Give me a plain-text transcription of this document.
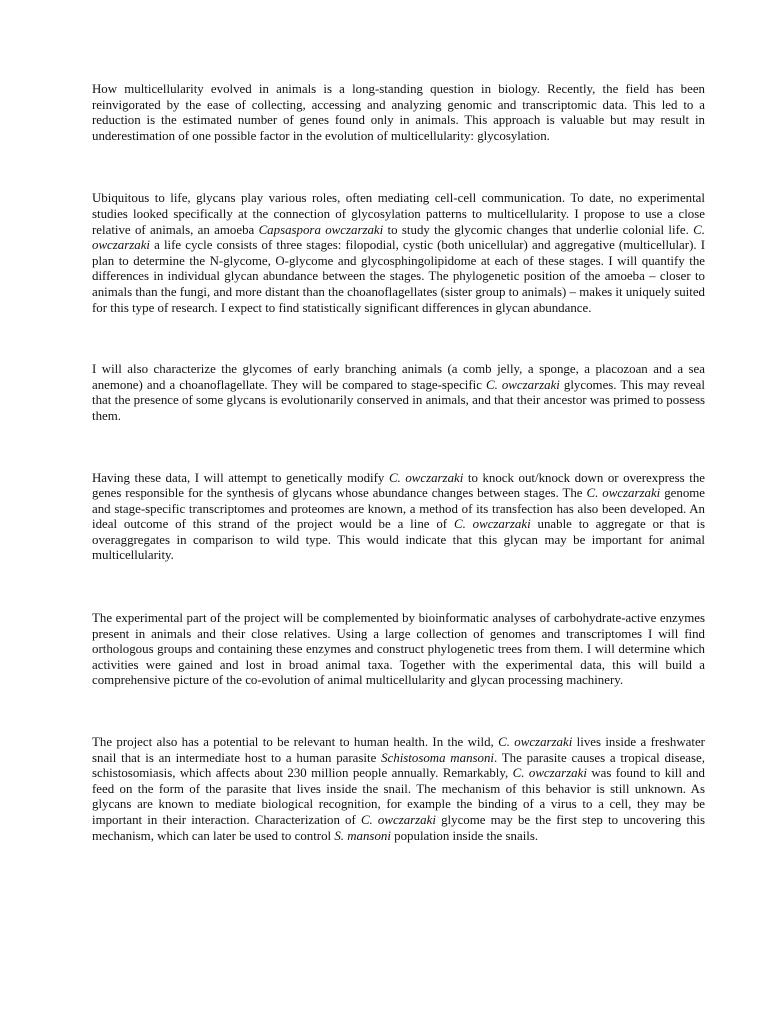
How multicellularity evolved in animals is a long-standing question in biology. Recently, the field has been reinvigorated by the ease of collecting, accessing and analyzing genomic and transcriptomic data. This led to a reduction is the estimated number of genes found only in animals. This approach is valuable but may result in underestimation of one possible factor in the evolution of multicellularity: glycosylation.

Ubiquitous to life, glycans play various roles, often mediating cell-cell communication. To date, no experimental studies looked specifically at the connection of glycosylation patterns to multicellularity. I propose to use a close relative of animals, an amoeba Capsaspora owczarzaki to study the glycomic changes that underlie colonial life. C. owczarzaki a life cycle consists of three stages: filopodial, cystic (both unicellular) and aggregative (multicellular). I plan to determine the N-glycome, O-glycome and glycosphingolipidome at each of these stages. I will quantify the differences in individual glycan abundance between the stages. The phylogenetic position of the amoeba – closer to animals than the fungi, and more distant than the choanoflagellates (sister group to animals) – makes it uniquely suited for this type of research. I expect to find statistically significant differences in glycan abundance.

I will also characterize the glycomes of early branching animals (a comb jelly, a sponge, a placozoan and a sea anemone) and a choanoflagellate. They will be compared to stage-specific C. owczarzaki glycomes. This may reveal that the presence of some glycans is evolutionarily conserved in animals, and that their ancestor was primed to possess them.

Having these data, I will attempt to genetically modify C. owczarzaki to knock out/knock down or overexpress the genes responsible for the synthesis of glycans whose abundance changes between stages. The C. owczarzaki genome and stage-specific transcriptomes and proteomes are known, a method of its transfection has also been developed. An ideal outcome of this strand of the project would be a line of C. owczarzaki unable to aggregate or that is overaggregates in comparison to wild type. This would indicate that this glycan may be important for animal multicellularity.

The experimental part of the project will be complemented by bioinformatic analyses of carbohydrate-active enzymes present in animals and their close relatives. Using a large collection of genomes and transcriptomes I will find orthologous groups and containing these enzymes and construct phylogenetic trees from them. I will determine which activities were gained and lost in broad animal taxa. Together with the experimental data, this will build a comprehensive picture of the co-evolution of animal multicellularity and glycan processing machinery.

The project also has a potential to be relevant to human health. In the wild, C. owczarzaki lives inside a freshwater snail that is an intermediate host to a human parasite Schistosoma mansoni. The parasite causes a tropical disease, schistosomiasis, which affects about 230 million people annually. Remarkably, C. owczarzaki was found to kill and feed on the form of the parasite that lives inside the snail. The mechanism of this behavior is still unknown. As glycans are known to mediate biological recognition, for example the binding of a virus to a cell, they may be important in their interaction. Characterization of C. owczarzaki glycome may be the first step to uncovering this mechanism, which can later be used to control S. mansoni population inside the snails.
